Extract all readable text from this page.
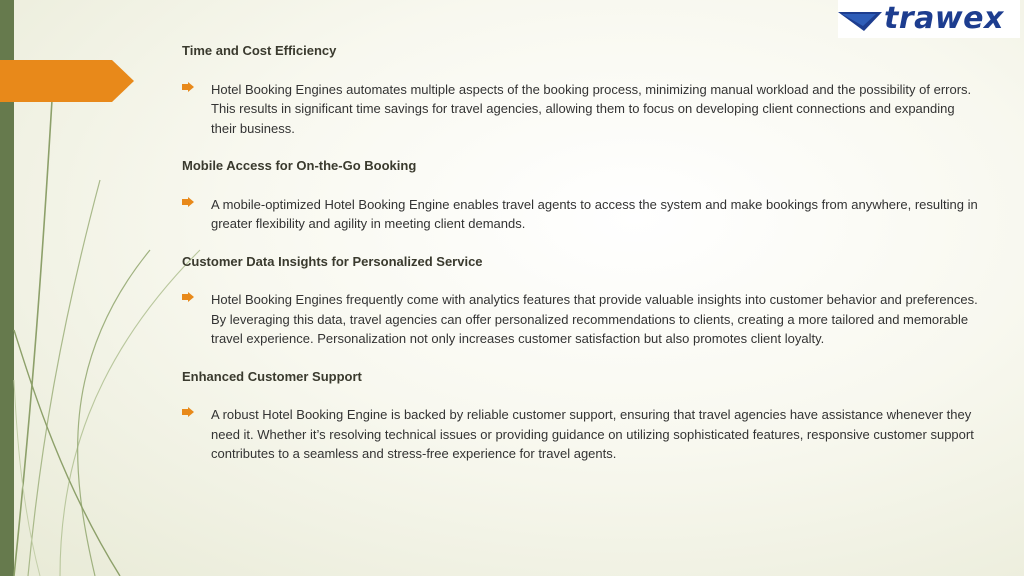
trawex
Time and Cost Efficiency
Hotel Booking Engines automates multiple aspects of the booking process, minimizing manual workload and the possibility of errors. This results in significant time savings for travel agencies, allowing them to focus on developing client connections and expanding their business.
Mobile Access for On-the-Go Booking
A mobile-optimized Hotel Booking Engine enables travel agents to access the system and make bookings from anywhere, resulting in greater flexibility and agility in meeting client demands.
Customer Data Insights for Personalized Service
Hotel Booking Engines frequently come with analytics features that provide valuable insights into customer behavior and preferences. By leveraging this data, travel agencies can offer personalized recommendations to clients, creating a more tailored and memorable travel experience. Personalization not only increases customer satisfaction but also promotes client loyalty.
Enhanced Customer Support
A robust Hotel Booking Engine is backed by reliable customer support, ensuring that travel agencies have assistance whenever they need it. Whether it’s resolving technical issues or providing guidance on utilizing sophisticated features, responsive customer support contributes to a seamless and stress-free experience for travel agents.
